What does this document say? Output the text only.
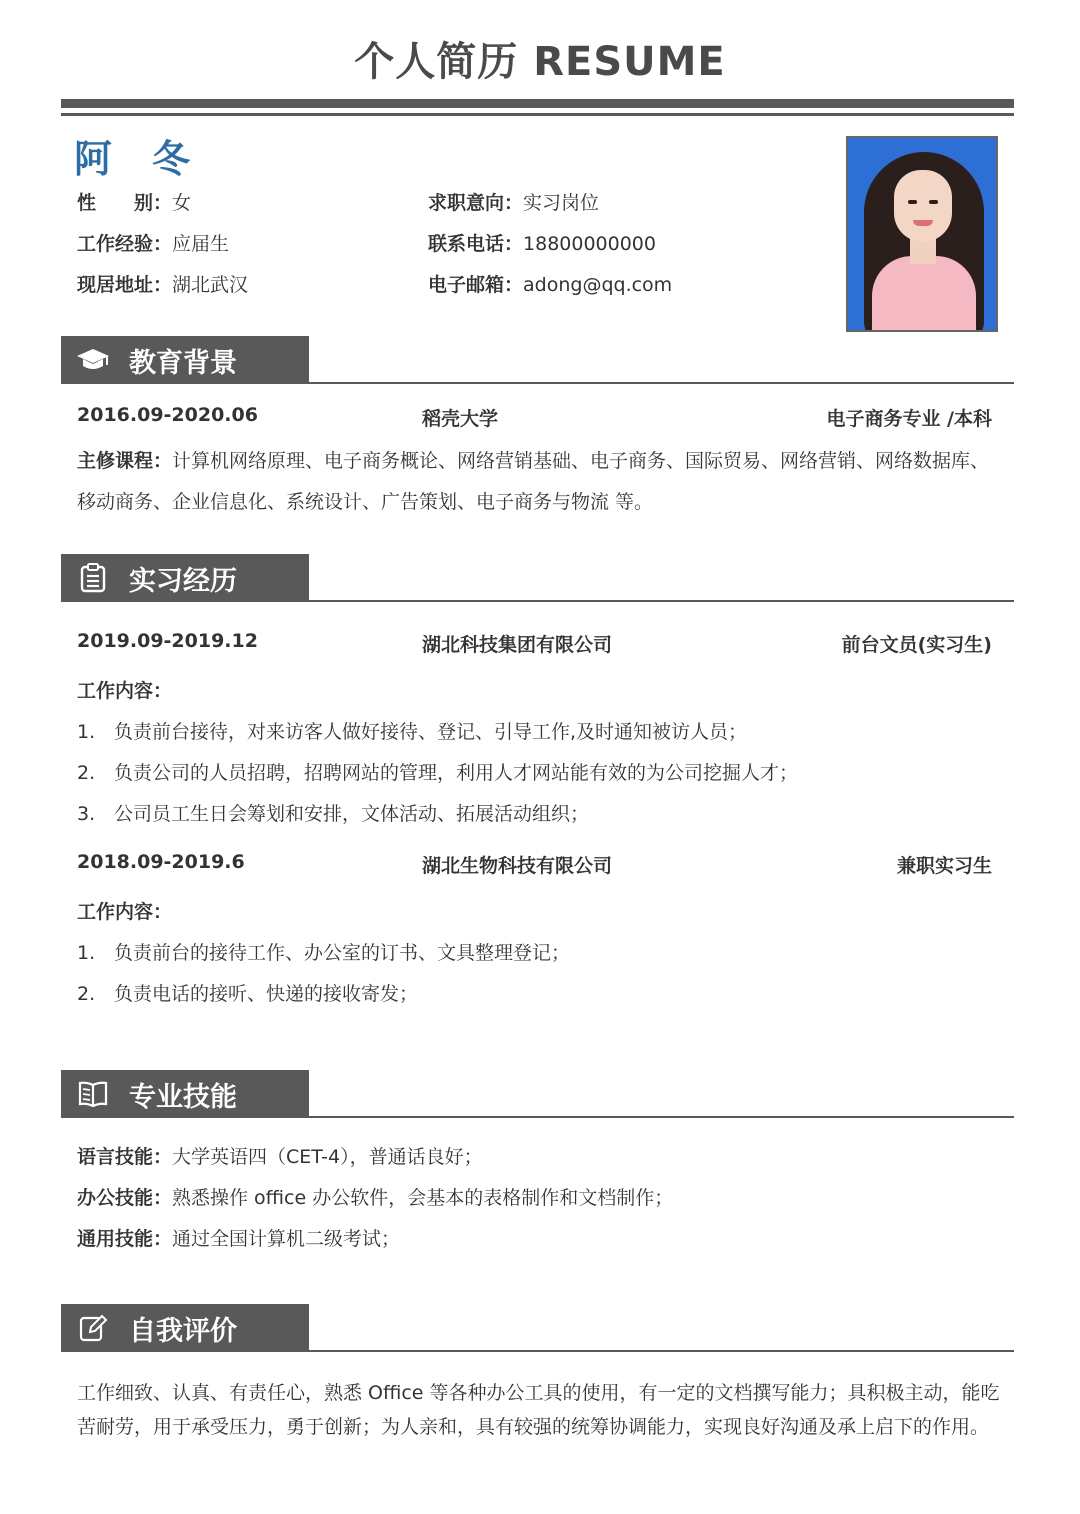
个人简历 RESUME
阿冬
性　　别：女	求职意向：实习岗位
工作经验：应届生	联系电话：18800000000
现居地址：湖北武汉	电子邮箱：adong@qq.com
教育背景
2016.09-2020.06	稻壳大学	电子商务专业 /本科
主修课程：计算机网络原理、电子商务概论、网络营销基础、电子商务、国际贸易、网络营销、网络数据库、移动商务、企业信息化、系统设计、广告策划、电子商务与物流 等。
实习经历
2019.09-2019.12	湖北科技集团有限公司	前台文员(实习生)
工作内容：
1. 负责前台接待，对来访客人做好接待、登记、引导工作,及时通知被访人员；
2. 负责公司的人员招聘，招聘网站的管理，利用人才网站能有效的为公司挖掘人才；
3. 公司员工生日会筹划和安排，文体活动、拓展活动组织；
2018.09-2019.6	湖北生物科技有限公司	兼职实习生
工作内容：
1. 负责前台的接待工作、办公室的订书、文具整理登记；
2. 负责电话的接听、快递的接收寄发；
专业技能
语言技能：大学英语四（CET-4），普通话良好；
办公技能：熟悉操作 office 办公软件，会基本的表格制作和文档制作；
通用技能：通过全国计算机二级考试；
自我评价
工作细致、认真、有责任心，熟悉 Office 等各种办公工具的使用，有一定的文档撰写能力；具积极主动，能吃苦耐劳，用于承受压力，勇于创新；为人亲和，具有较强的统筹协调能力，实现良好沟通及承上启下的作用。
